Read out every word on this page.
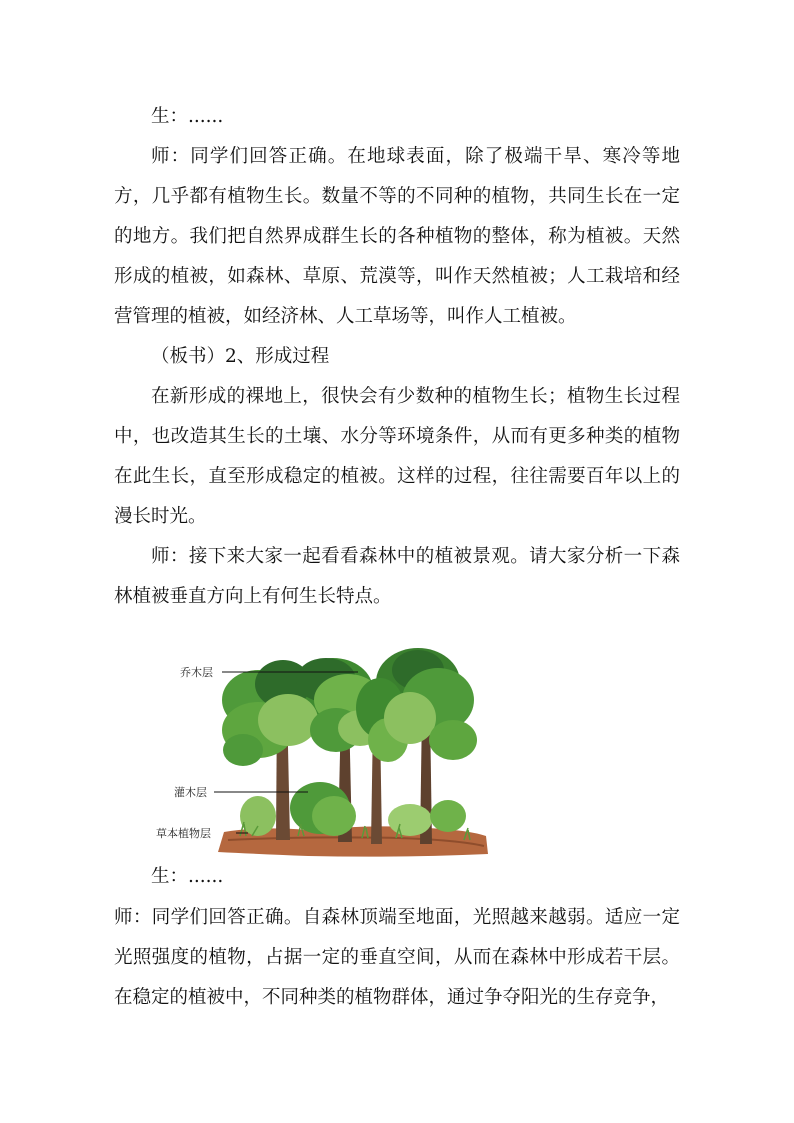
生：......

师：同学们回答正确。在地球表面，除了极端干旱、寒冷等地方，几乎都有植物生长。数量不等的不同种的植物，共同生长在一定的地方。我们把自然界成群生长的各种植物的整体，称为植被。天然形成的植被，如森林、草原、荒漠等，叫作天然植被；人工栽培和经营管理的植被，如经济林、人工草场等，叫作人工植被。

（板书）2、形成过程

在新形成的裸地上，很快会有少数种的植物生长；植物生长过程中，也改造其生长的土壤、水分等环境条件，从而有更多种类的植物在此生长，直至形成稳定的植被。这样的过程，往往需要百年以上的漫长时光。

师：接下来大家一起看看森林中的植被景观。请大家分析一下森林植被垂直方向上有何生长特点。

乔木层
灌木层
草本植物层

生：......

师：同学们回答正确。自森林顶端至地面，光照越来越弱。适应一定光照强度的植物，占据一定的垂直空间，从而在森林中形成若干层。在稳定的植被中，不同种类的植物群体，通过争夺阳光的生存竞争，
